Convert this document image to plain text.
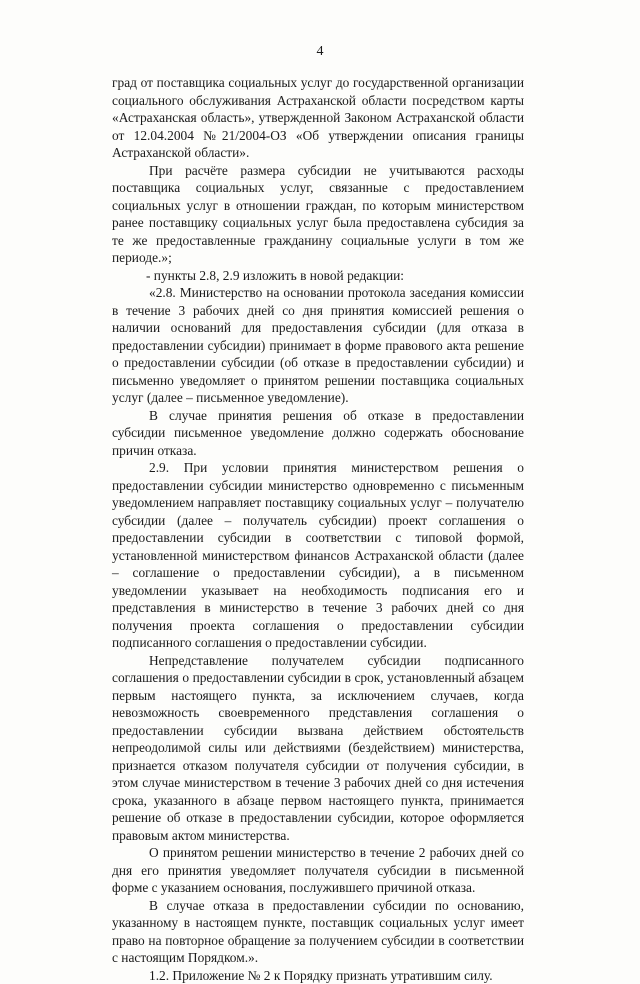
4

град от поставщика социальных услуг до государственной организации социального обслуживания Астраханской области посредством карты «Астраханская область», утвержденной Законом Астраханской области от 12.04.2004 №21/2004-ОЗ «Об утверждении описания границы Астраханской области».

При расчёте размера субсидии не учитываются расходы поставщика социальных услуг, связанные с предоставлением социальных услуг в отношении граждан, по которым министерством ранее поставщику социальных услуг была предоставлена субсидия за те же предоставленные гражданину социальные услуги в том же периоде.»;

- пункты 2.8, 2.9 изложить в новой редакции:

«2.8. Министерство на основании протокола заседания комиссии в течение 3 рабочих дней со дня принятия комиссией решения о наличии оснований для предоставления субсидии (для отказа в предоставлении субсидии) принимает в форме правового акта решение о предоставлении субсидии (об отказе в предоставлении субсидии) и письменно уведомляет о принятом решении поставщика социальных услуг (далее – письменное уведомление).

В случае принятия решения об отказе в предоставлении субсидии письменное уведомление должно содержать обоснование причин отказа.

2.9. При условии принятия министерством решения о предоставлении субсидии министерство одновременно с письменным уведомлением направляет поставщику социальных услуг – получателю субсидии (далее – получатель субсидии) проект соглашения о предоставлении субсидии в соответствии с типовой формой, установленной министерством финансов Астраханской области (далее – соглашение о предоставлении субсидии), а в письменном уведомлении указывает на необходимость подписания его и представления в министерство в течение 3 рабочих дней со дня получения проекта соглашения о предоставлении субсидии подписанного соглашения о предоставлении субсидии.

Непредставление получателем субсидии подписанного соглашения о предоставлении субсидии в срок, установленный абзацем первым настоящего пункта, за исключением случаев, когда невозможность своевременного представления соглашения о предоставлении субсидии вызвана действием обстоятельств непреодолимой силы или действиями (бездействием) министерства, признается отказом получателя субсидии от получения субсидии, в этом случае министерством в течение 3 рабочих дней со дня истечения срока, указанного в абзаце первом настоящего пункта, принимается решение об отказе в предоставлении субсидии, которое оформляется правовым актом министерства.

О принятом решении министерство в течение 2 рабочих дней со дня его принятия уведомляет получателя субсидии в письменной форме с указанием основания, послужившего причиной отказа.

В случае отказа в предоставлении субсидии по основанию, указанному в настоящем пункте, поставщик социальных услуг имеет право на повторное обращение за получением субсидии в соответствии с настоящим Порядком.».

1.2. Приложение № 2 к Порядку признать утратившим силу.
